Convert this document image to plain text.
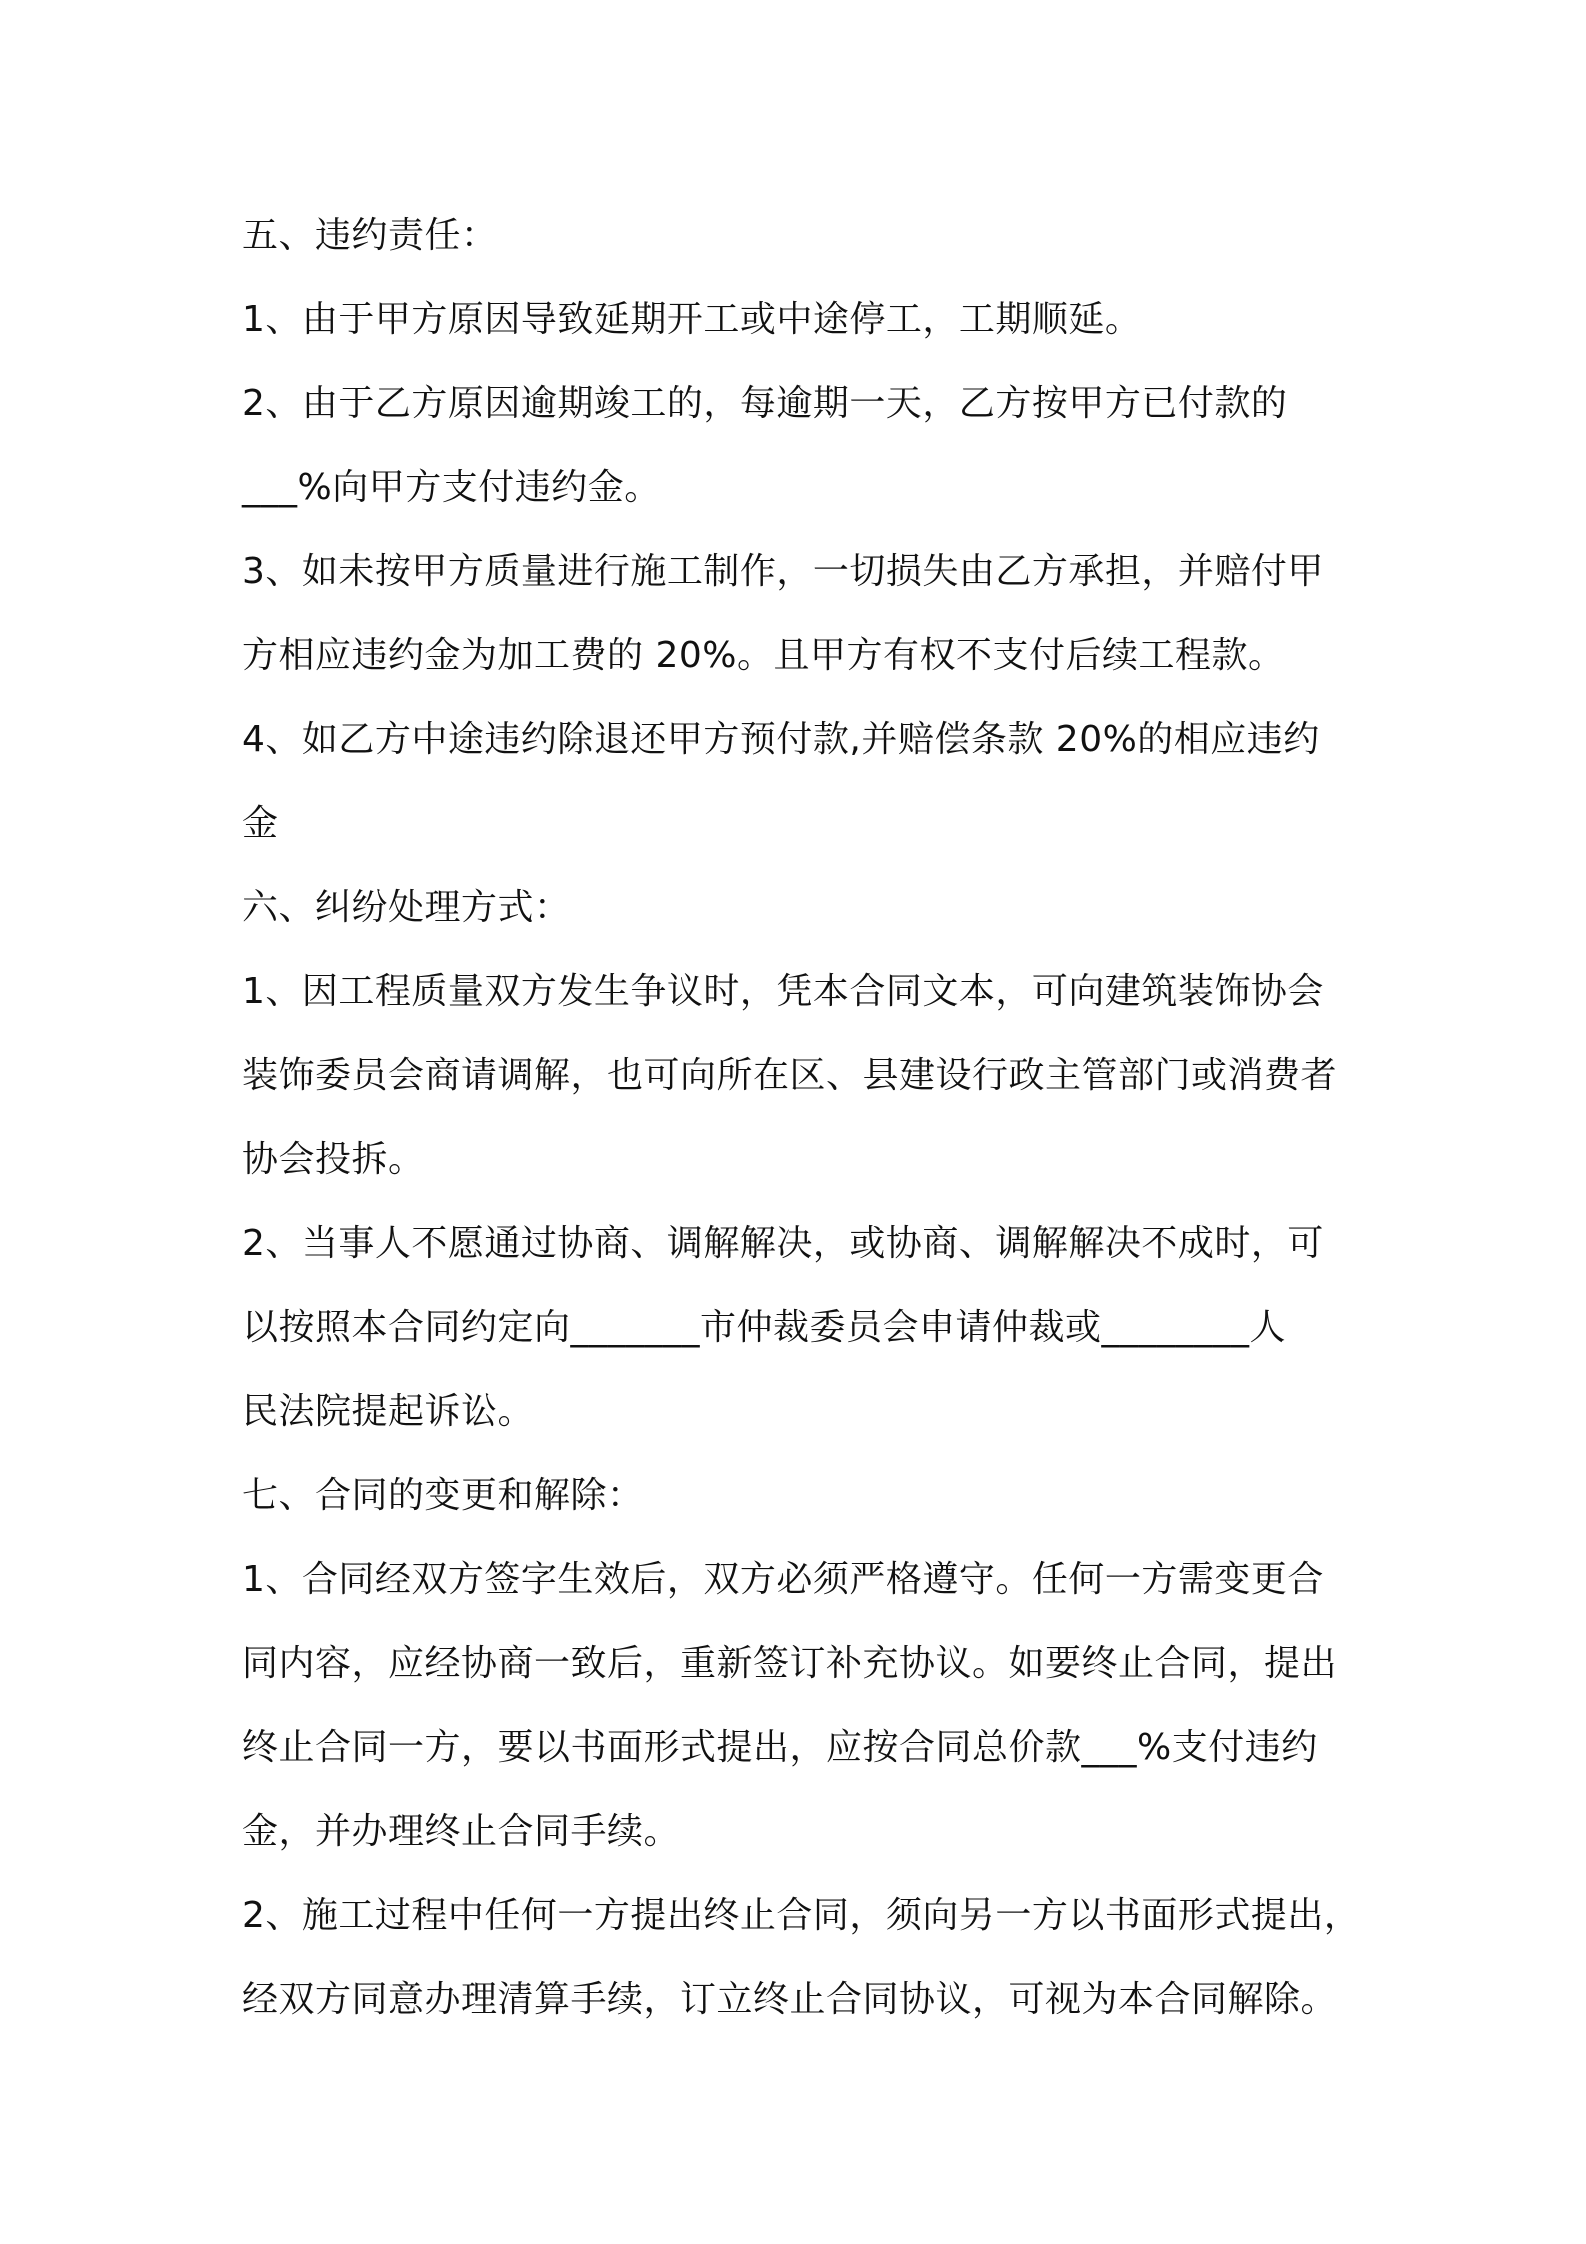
五、违约责任：
1、由于甲方原因导致延期开工或中途停工，工期顺延。
2、由于乙方原因逾期竣工的，每逾期一天，乙方按甲方已付款的
___%向甲方支付违约金。
3、如未按甲方质量进行施工制作，一切损失由乙方承担，并赔付甲
方相应违约金为加工费的 20%。且甲方有权不支付后续工程款。
4、如乙方中途违约除退还甲方预付款,并赔偿条款 20%的相应违约
金
六、纠纷处理方式：
1、因工程质量双方发生争议时，凭本合同文本，可向建筑装饰协会
装饰委员会商请调解，也可向所在区、县建设行政主管部门或消费者
协会投拆。
2、当事人不愿通过协商、调解解决，或协商、调解解决不成时，可
以按照本合同约定向_______市仲裁委员会申请仲裁或________人
民法院提起诉讼。
七、合同的变更和解除：
1、合同经双方签字生效后，双方必须严格遵守。任何一方需变更合
同内容，应经协商一致后，重新签订补充协议。如要终止合同，提出
终止合同一方，要以书面形式提出，应按合同总价款___%支付违约
金，并办理终止合同手续。
2、施工过程中任何一方提出终止合同，须向另一方以书面形式提出，
经双方同意办理清算手续，订立终止合同协议，可视为本合同解除。
